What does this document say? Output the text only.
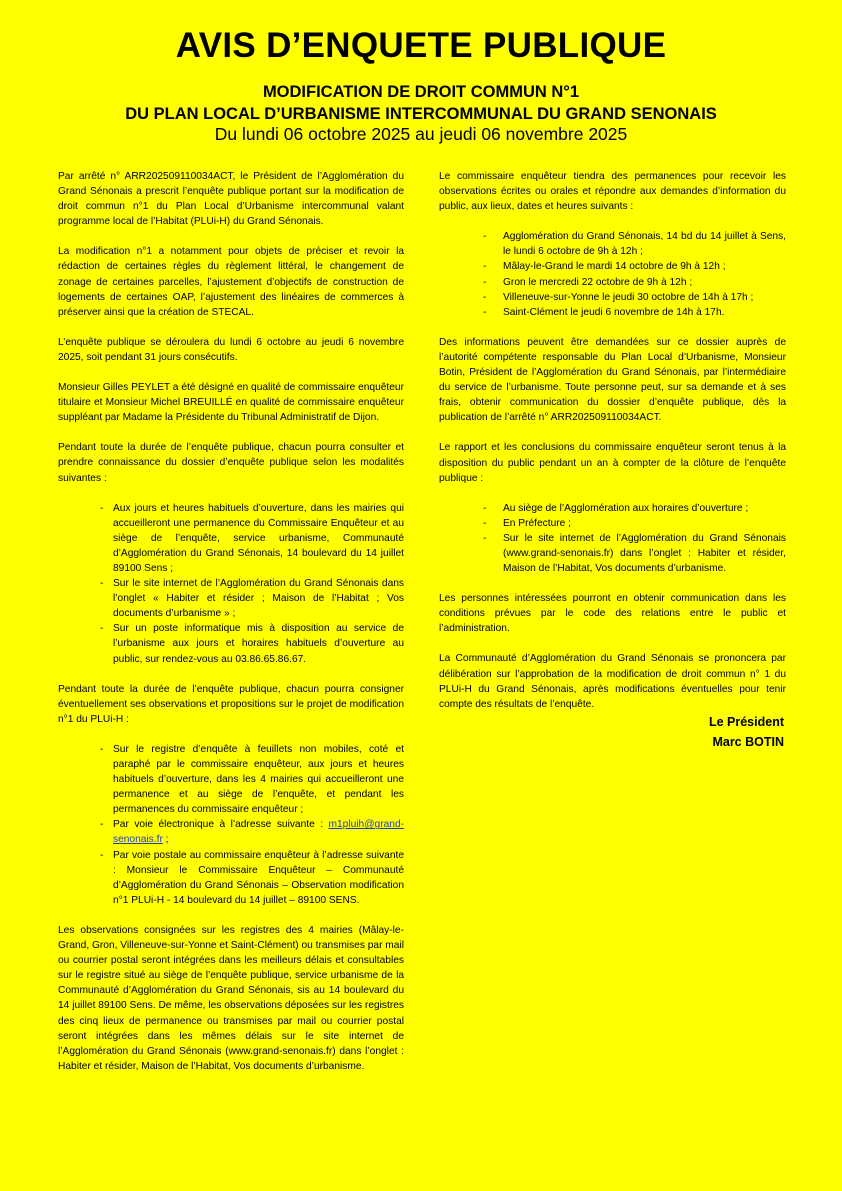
AVIS D’ENQUETE PUBLIQUE
MODIFICATION DE DROIT COMMUN N°1
DU PLAN LOCAL D’URBANISME INTERCOMMUNAL DU GRAND SENONAIS
Du lundi 06 octobre 2025 au jeudi 06 novembre 2025

Par arrêté n° ARR202509110034ACT, le Président de l’Agglomération du Grand Sénonais a prescrit l’enquête publique portant sur la modification de droit commun n°1 du Plan Local d’Urbanisme intercommunal valant programme local de l’Habitat (PLUi-H) du Grand Sénonais.

La modification n°1 a notamment pour objets de préciser et revoir la rédaction de certaines règles du règlement littéral, le changement de zonage de certaines parcelles, l’ajustement d’objectifs de construction de logements de certaines OAP, l’ajustement des linéaires de commerces à préserver ainsi que la création de STECAL.

L’enquête publique se déroulera du lundi 6 octobre au jeudi 6 novembre 2025, soit pendant 31 jours consécutifs.

Monsieur Gilles PEYLET a été désigné en qualité de commissaire enquêteur titulaire et Monsieur Michel BREUILLÉ en qualité de commissaire enquêteur suppléant par Madame la Présidente du Tribunal Administratif de Dijon.

Pendant toute la durée de l’enquête publique, chacun pourra consulter et prendre connaissance du dossier d’enquête publique selon les modalités suivantes :

- Aux jours et heures habituels d’ouverture, dans les mairies qui accueilleront une permanence du Commissaire Enquêteur et au siège de l’enquête, service urbanisme, Communauté d’Agglomération du Grand Sénonais, 14 boulevard du 14 juillet 89100 Sens ;
- Sur le site internet de l’Agglomération du Grand Sénonais dans l’onglet « Habiter et résider ; Maison de l’Habitat ; Vos documents d’urbanisme » ;
- Sur un poste informatique mis à disposition au service de l’urbanisme aux jours et horaires habituels d’ouverture au public, sur rendez-vous au 03.86.65.86.67.

Pendant toute la durée de l’enquête publique, chacun pourra consigner éventuellement ses observations et propositions sur le projet de modification n°1 du PLUi-H :

- Sur le registre d’enquête à feuillets non mobiles, coté et paraphé par le commissaire enquêteur, aux jours et heures habituels d’ouverture, dans les 4 mairies qui accueilleront une permanence et au siège de l’enquête, et pendant les permanences du commissaire enquêteur ;
- Par voie électronique à l’adresse suivante : m1pluih@grand-senonais.fr ;
- Par voie postale au commissaire enquêteur à l’adresse suivante : Monsieur le Commissaire Enquêteur – Communauté d’Agglomération du Grand Sénonais – Observation modification n°1 PLUi-H - 14 boulevard du 14 juillet – 89100 SENS.

Les observations consignées sur les registres des 4 mairies (Mâlay-le-Grand, Gron, Villeneuve-sur-Yonne et Saint-Clément) ou transmises par mail ou courrier postal seront intégrées dans les meilleurs délais et consultables sur le registre situé au siège de l’enquête publique, service urbanisme de la Communauté d’Agglomération du Grand Sénonais, sis au 14 boulevard du 14 juillet 89100 Sens. De même, les observations déposées sur les registres des cinq lieux de permanence ou transmises par mail ou courrier postal seront intégrées dans les mêmes délais sur le site internet de l’Agglomération du Grand Sénonais (www.grand-senonais.fr) dans l’onglet : Habiter et résider, Maison de l’Habitat, Vos documents d’urbanisme.

Le commissaire enquêteur tiendra des permanences pour recevoir les observations écrites ou orales et répondre aux demandes d’information du public, aux lieux, dates et heures suivants :

- Agglomération du Grand Sénonais, 14 bd du 14 juillet à Sens, le lundi 6 octobre de 9h à 12h ;
- Mâlay-le-Grand le mardi 14 octobre de 9h à 12h ;
- Gron le mercredi 22 octobre de 9h à 12h ;
- Villeneuve-sur-Yonne le jeudi 30 octobre de 14h à 17h ;
- Saint-Clément le jeudi 6 novembre de 14h à 17h.

Des informations peuvent être demandées sur ce dossier auprès de l’autorité compétente responsable du Plan Local d’Urbanisme, Monsieur Botin, Président de l’Agglomération du Grand Sénonais, par l’intermédiaire du service de l’urbanisme. Toute personne peut, sur sa demande et à ses frais, obtenir communication du dossier d’enquête publique, dès la publication de l’arrêté n° ARR202509110034ACT.

Le rapport et les conclusions du commissaire enquêteur seront tenus à la disposition du public pendant un an à compter de la clôture de l’enquête publique :

- Au siège de l’Agglomération aux horaires d’ouverture ;
- En Préfecture ;
- Sur le site internet de l’Agglomération du Grand Sénonais (www.grand-senonais.fr) dans l’onglet : Habiter et résider, Maison de l’Habitat, Vos documents d’urbanisme.

Les personnes intéressées pourront en obtenir communication dans les conditions prévues par le code des relations entre le public et l’administration.

La Communauté d’Agglomération du Grand Sénonais se prononcera par délibération sur l’approbation de la modification de droit commun n° 1 du PLUi-H du Grand Sénonais, après modifications éventuelles pour tenir compte des résultats de l’enquête.

Le Président
Marc BOTIN
